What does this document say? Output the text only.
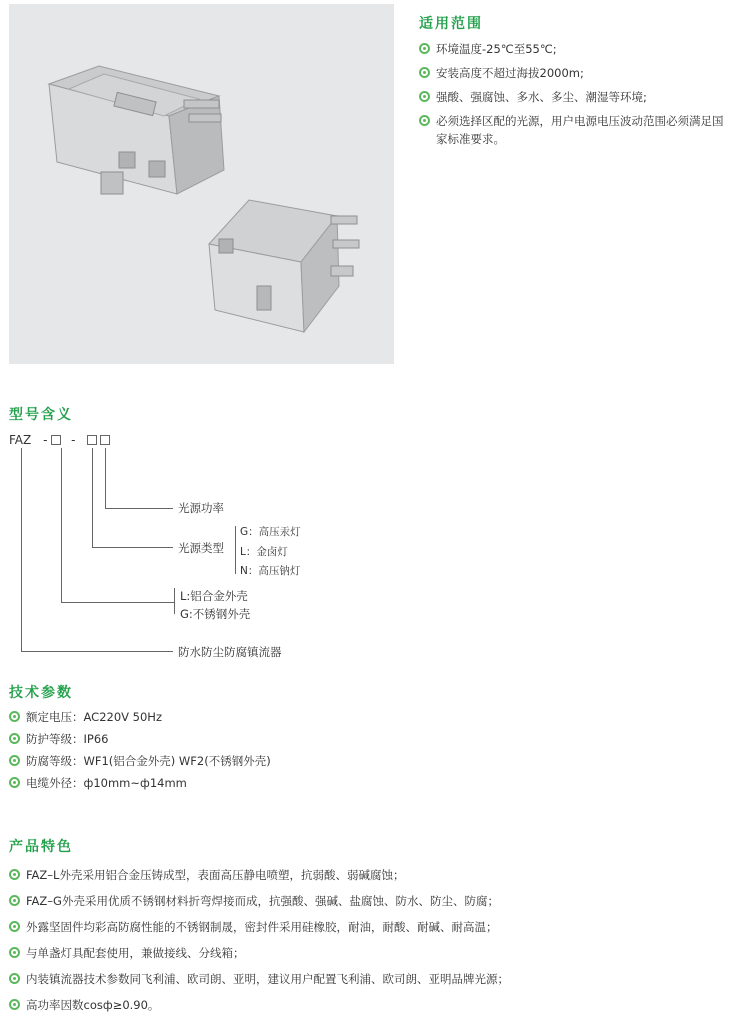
适用范围
环境温度-25℃至55℃;
安装高度不超过海拔2000m;
强酸、强腐蚀、多水、多尘、潮湿等环境;
必须选择区配的光源，用户电源电压波动范围必须满足国
家标准要求。
型号含义
FAZ - -
光源功率
光源类型
G：高压汞灯
L：金卤灯
N：高压钠灯
L:铝合金外壳
G:不锈钢外壳
防水防尘防腐镇流器
技术参数
额定电压：AC220V 50Hz
防护等级：IP66
防腐等级：WF1(铝合金外壳) WF2(不锈钢外壳)
电缆外径：ф10mm~ф14mm
产品特色
FAZ–L外壳采用铝合金压铸成型，表面高压静电喷塑，抗弱酸、弱碱腐蚀；
FAZ–G外壳采用优质不锈钢材料折弯焊接而成，抗强酸、强碱、盐腐蚀、防水、防尘、防腐；
外露坚固件均彩高防腐性能的不锈钢制晟，密封件采用硅橡胶，耐油，耐酸、耐碱、耐高温；
与单盏灯具配套使用，兼做接线、分线箱；
内装镇流器技术参数同飞利浦、欧司朗、亚明，建议用户配置飞利浦、欧司朗、亚明品牌光源；
高功率因数cosф≥0.90。
